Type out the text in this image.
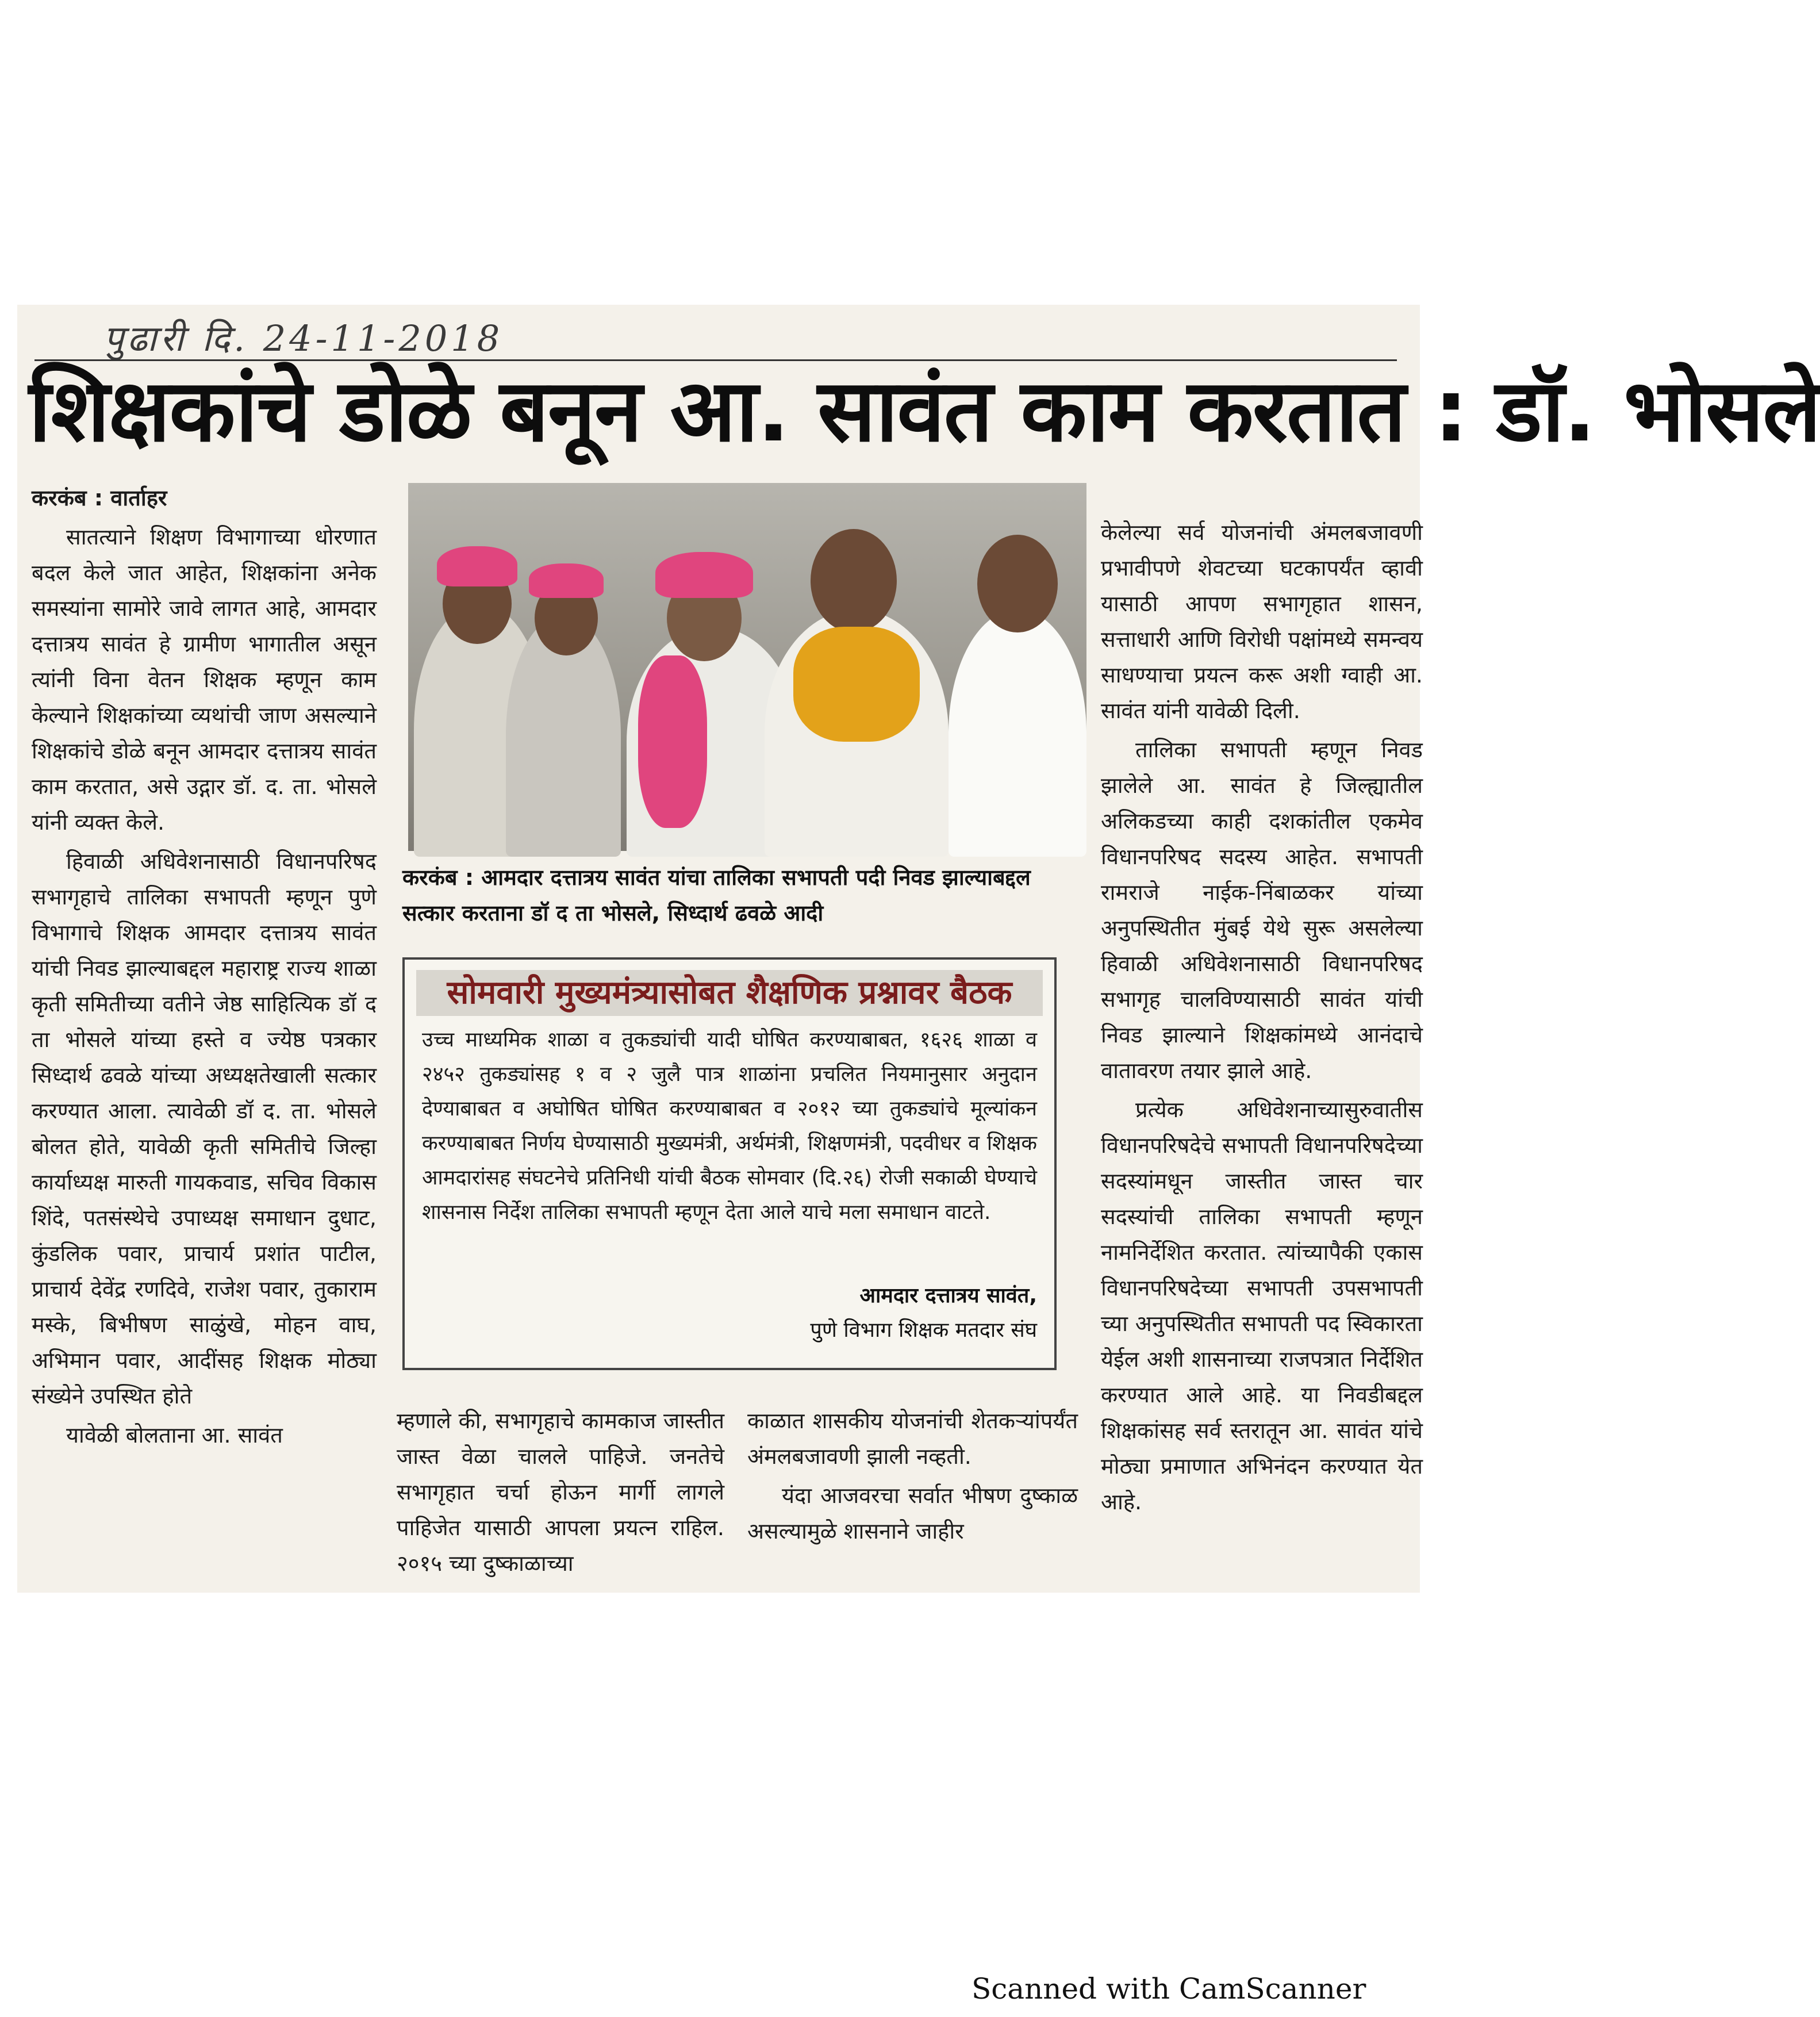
पुढारी दि. 24-11-2018
शिक्षकांचे डोळे बनून आ. सावंत काम करतात : डॉ. भोसले

करकंब : वार्ताहर

सातत्याने शिक्षण विभागाच्या धोरणात बदल केले जात आहेत, शिक्षकांना अनेक समस्यांना सामोरे जावे लागत आहे, आमदार दत्तात्रय सावंत हे ग्रामीण भागातील असून त्यांनी विना वेतन शिक्षक म्हणून काम केल्याने शिक्षकांच्या व्यथांची जाण असल्याने शिक्षकांचे डोळे बनून आमदार दत्तात्रय सावंत काम करतात, असे उद्गार डॉ. द. ता. भोसले यांनी व्यक्त केले.

हिवाळी अधिवेशनासाठी विधानपरिषद सभागृहाचे तालिका सभापती म्हणून पुणे विभागाचे शिक्षक आमदार दत्तात्रय सावंत यांची निवड झाल्याबद्दल महाराष्ट्र राज्य शाळा कृती समितीच्या वतीने जेष्ठ साहित्यिक डॉ द ता भोसले यांच्या हस्ते व ज्येष्ठ पत्रकार सिध्दार्थ ढवळे यांच्या अध्यक्षतेखाली सत्कार करण्यात आला. त्यावेळी डॉ द. ता. भोसले बोलत होते, यावेळी कृती समितीचे जिल्हा कार्याध्यक्ष मारुती गायकवाड, सचिव विकास शिंदे, पतसंस्थेचे उपाध्यक्ष समाधान दुधाट, कुंडलिक पवार, प्राचार्य प्रशांत पाटील, प्राचार्य देवेंद्र रणदिवे, राजेश पवार, तुकाराम मस्के, बिभीषण साळुंखे, मोहन वाघ, अभिमान पवार, आदींसह शिक्षक मोठ्या संख्येने उपस्थित होते

यावेळी बोलताना आ. सावंत

करकंब : आमदार दत्तात्रय सावंत यांचा तालिका सभापती पदी निवड झाल्याबद्दल सत्कार करताना डॉ द ता भोसले, सिध्दार्थ ढवळे आदी
सोमवारी मुख्यमंत्र्यासोबत शैक्षणिक प्रश्नावर बैठक
उच्च माध्यमिक शाळा व तुकड्यांची यादी घोषित करण्याबाबत, १६२६ शाळा व २४५२ तुकड्यांसह १ व २ जुलै पात्र शाळांना प्रचलित नियमानुसार अनुदान देण्याबाबत व अघोषित घोषित करण्याबाबत व २०१२ च्या तुकड्यांचे मूल्यांकन करण्याबाबत निर्णय घेण्यासाठी मुख्यमंत्री, अर्थमंत्री, शिक्षणमंत्री, पदवीधर व शिक्षक आमदारांसह संघटनेचे प्रतिनिधी यांची बैठक सोमवार (दि.२६) रोजी सकाळी घेण्याचे शासनास निर्देश तालिका सभापती म्हणून देता आले याचे मला समाधान वाटते.
आमदार दत्तात्रय सावंत,
पुणे विभाग शिक्षक मतदार संघ

म्हणाले की, सभागृहाचे कामकाज जास्तीत जास्त वेळा चालले पाहिजे. जनतेचे सभागृहात चर्चा होऊन मार्गी लागले पाहिजेत यासाठी आपला प्रयत्न राहिल. २०१५ च्या दुष्काळाच्या

काळात शासकीय योजनांची शेतकऱ्यांपर्यंत अंमलबजावणी झाली नव्हती.

यंदा आजवरचा सर्वात भीषण दुष्काळ असल्यामुळे शासनाने जाहीर

केलेल्या सर्व योजनांची अंमलबजावणी प्रभावीपणे शेवटच्या घटकापर्यंत व्हावी यासाठी आपण सभागृहात शासन, सत्ताधारी आणि विरोधी पक्षांमध्ये समन्वय साधण्याचा प्रयत्न करू अशी ग्वाही आ. सावंत यांनी यावेळी दिली.

तालिका सभापती म्हणून निवड झालेले आ. सावंत हे जिल्ह्यातील अलिकडच्या काही दशकांतील एकमेव विधानपरिषद सदस्य आहेत. सभापती रामराजे नाईक-निंबाळकर यांच्या अनुपस्थितीत मुंबई येथे सुरू असलेल्या हिवाळी अधिवेशनासाठी विधानपरिषद सभागृह चालविण्यासाठी सावंत यांची निवड झाल्याने शिक्षकांमध्ये आनंदाचे वातावरण तयार झाले आहे.

प्रत्येक अधिवेशनाच्यासुरुवातीस विधानपरिषदेचे सभापती विधानपरिषदेच्या सदस्यांमधून जास्तीत जास्त चार सदस्यांची तालिका सभापती म्हणून नामनिर्देशित करतात. त्यांच्यापैकी एकास विधानपरिषदेच्या सभापती उपसभापती च्या अनुपस्थितीत सभापती पद स्विकारता येईल अशी शासनाच्या राजपत्रात निर्देशित करण्यात आले आहे. या निवडीबद्दल शिक्षकांसह सर्व स्तरातून आ. सावंत यांचे मोठ्या प्रमाणात अभिनंदन करण्यात येत आहे.

Scanned with CamScanner
